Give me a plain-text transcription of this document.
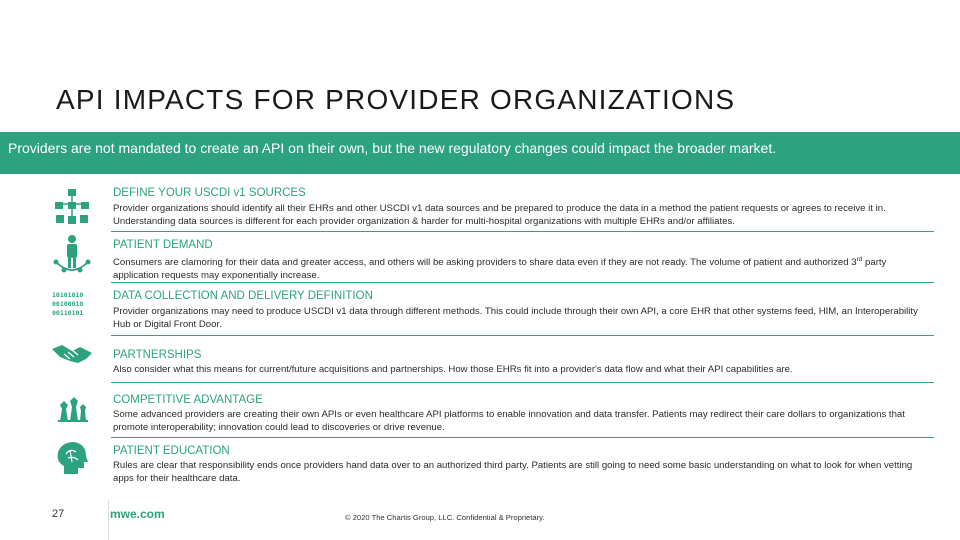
API IMPACTS FOR PROVIDER ORGANIZATIONS
Providers are not mandated to create an API on their own, but the new regulatory changes could impact the broader market.
DEFINE YOUR USCDI v1 SOURCES
Provider organizations should identify all their EHRs and other USCDI v1 data sources and be prepared to produce the data in a method the patient requests or agrees to receive it in. Understanding data sources is different for each provider organization & harder for multi-hospital organizations with multiple EHRs and/or affiliates.
PATIENT DEMAND
Consumers are clamoring for their data and greater access, and others will be asking providers to share data even if they are not ready. The volume of patient and authorized 3rd party application requests may exponentially increase.
10101010
00100010
00110101
DATA COLLECTION AND DELIVERY DEFINITION
Provider organizations may need to produce USCDI v1 data through different methods. This could include through their own API, a core EHR that other systems feed, HIM, an Interoperability Hub or Digital Front Door.
PARTNERSHIPS
Also consider what this means for current/future acquisitions and partnerships. How those EHRs fit into a provider's data flow and what their API capabilities are.
COMPETITIVE ADVANTAGE
Some advanced providers are creating their own APIs or even healthcare API platforms to enable innovation and data transfer. Patients may redirect their care dollars to organizations that promote interoperability; innovation could lead to discoveries or drive revenue.
PATIENT EDUCATION
Rules are clear that responsibility ends once providers hand data over to an authorized third party. Patients are still going to need some basic understanding on what to look for when vetting apps for their healthcare data.
27	mwe.com	© 2020 The Chartis Group, LLC. Confidential & Proprietary.
